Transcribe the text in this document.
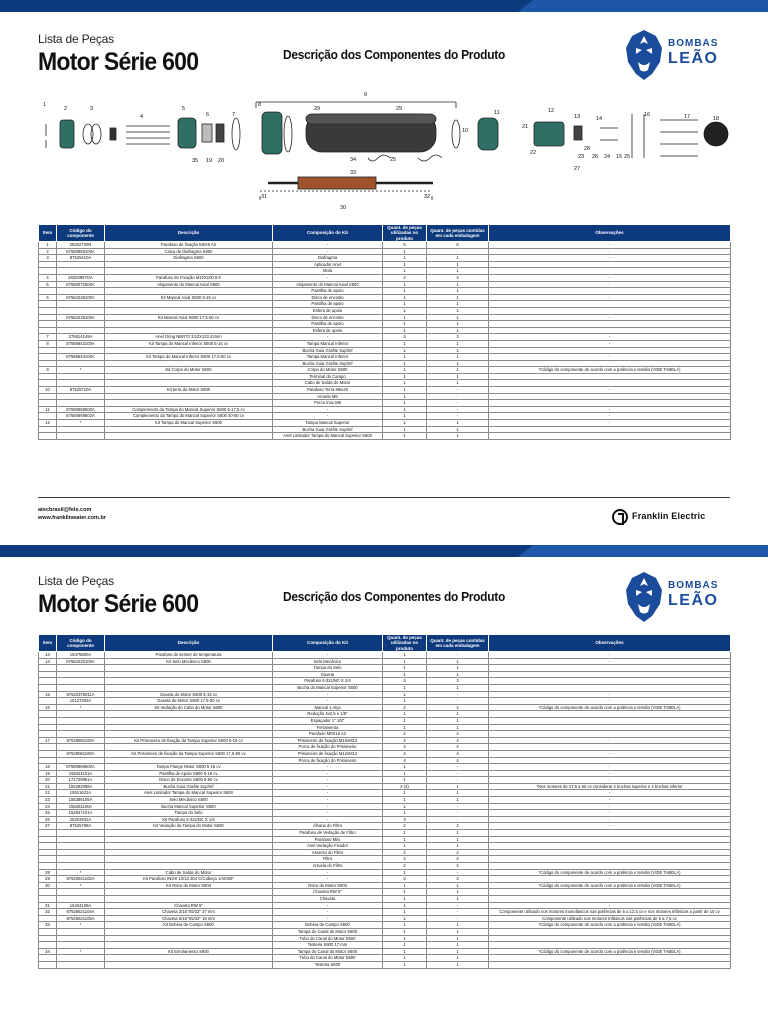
Lista de Peças
Motor Série 600	Descrição dos Componentes do Produto
BOMBAS
LEÃO
1
2	3
4
5
6	7
8
9
10
11	12
13	14
16	17	18
19 20
21
22
23	24 15 25
26
27
28
29	29
33
34
35
30
31	32
25
Item	Código do componente	Descrição	Composição do Kit	Quant. de peças utilizadas no produto	Quant. de peças contidas em cada embalagem	Observações
1	28202730N	Parafuso de fixação M5X6 A2	-	6	6	-
2	87580869100A	Caixa de Diafragma S600	-	1	-	-
3	87525410A	Diafragma S600	Diafragma	1	1	-
			Aplicador Anel	1	1	
			Mola	1	1	
4	28202957OA	Parafuso de Fixação M10X100 8.8	-	4	4	-
5	87560072500A	Alojamento do Mancal Axial S600	Alojamento do Mancal Axial S600	1	1	-
			Pastilha de apoio	1	1	
6	87564228100A	Kit Mancal Axial S600 5-15 cv	Disco de encosto	1	1	-
			Pastilha de apoio	1	1	
			Esfera de apoio	1	1	
	87564229100A	Kit Mancal Axial S600 17,5-50 cv	Disco de encosto	1	1	-
			Pastilha de apoio	1	1	
			Esfera de apoio	1	1	
7	275814149A	Anel Oring NBR70 3,53X123,42mm	-	3	3	-
8	87565842100A	Kit Tampa do Mancal Inferior S600 5-15 cv	Tampa Mancal Inferior	1	1	-
			Bucha Guia Grafite Sup/Inf	1	1	
	87565843100A	Kit Tampa do Mancal Inferior S600 17,5-50 cv	Tampa Mancal Inferior	1	1	-
			Bucha Guia Grafite Sup/Inf	1	1	
9	*	Kit Corpo do Motor S600	Corpo do Motor S600	1	1	*Código do componente de acordo com a potência e tensão (VIDE TABELA)
			Terminal do Campo	1	1	
			Cabo de Saída do Motor	1	1	
10	87525710A	Kit terra do Motor S600	Parafuso Terra M6x20	1	-	-
			Arruela M6	1	-	
			Porca Inox M6	1	-	
11	87580869500A	Complemento da Tampa do Mancal Superior S600 5-17,5 cv	-	1	-	-
	87580869502A	Complemento da Tampa do Mancal Superior S600 40-50 cv	-	1	-	-
12	*	Kit Tampa do Mancal Superior S600	Tampa Mancal Superior	1	1	-
			Bucha Guia Grafite Sup/Inf	1	1	
			Anel Limitador Tampa do Mancal Superior S600	1	1	
atecbrasil@fele.com
www.franklinwater.com.br	Franklin Electric
Lista de Peças
Motor Série 600	Descrição dos Componentes do Produto
BOMBAS
LEÃO
Item	Código do componente	Descrição	Composição do Kit	Quant. de peças utilizadas no produto	Quant. de peças contidas em cada embalagem	Observações
13	15475800A	Parafuso do sensor de temperatura	-	1	-	-
14	87564220100A	Kit Selo Mecânico S600	Selo Mecânico	1	1	-
			Tampa do Selo	1	1	
			Gaxeta	1	1	
			Parafuso 6-32UNC X 1/4	3	3	
			Bucha do Mancal Superior S600	1	1	
15	87520378011A	Gaxeta do Motor S600 5-15 cv	-	1	-	-
	15127402A	Gaxeta do Motor S600 17,5-50 cv	-	1	-	-
16	*	Kit Vedação do Cabo do Motor S600	Mancal 1 Alça	2	2	*Código do componente de acordo com a potência e tensão (VIDE TABELA)
			Redução 4x2,5 e 1/8"	1	1	
			Espaçador 1" 1/8"	1	1	
			Ferramenta	1	1	
			Parafuso M8X16 A2	2	2	
17	87528681100A	Kit Prisioneiro de fixação da Tampa Superior S600 5-15 cv	Prisioneiro de fixação M10xM12	4	4	-
			Porca de fixação do Prisioneiro	4	4	
	87529061100A	Kit Prisioneiro de fixação da Tampa Superior S600 17,5-50 cv	Prisioneiro de fixação M12xM12	4	4	-
			Porca de fixação do Prisioneiro	4	4	
18	87580869600A	Tampa Flange Motor S600 5-15 cv	-	1	-	-
19	158421101A	Pastilha de Apoio S600 5-15 cv	-	1	-	-
20	171729951A	Disco de Encosto S600 5-50 cv	-	1	-	-
21	155282088A	Bucha Guia Grafite Sup/Inf	-	2 (4)	1	*Nos motores de 17,5 a 50 cv considerar 2 buchas superior e 2 buchas inferior
22	15521622A	Anel Limitador Tampa do Mancal Superior S600	-	1	1	-
23	155386105A	Selo Mecânico S600	-	1	1	-
24	155261100A	Bucha Mancal Superior S600	-	1	-	-
25	152847101A	Tampa do Selo	-	1	-	-
26	28202932A	Kit Parafuso 6-32UNC X 1/4	-	3	-	-
27	87525798A	Kit Vedação da Tampa do Motor S600	Alhana do Filtro	2	2	-
			Parafuso de Vedação de Filtro	1	1	
			Parafuso Mini	1	1	
			Anel Vedação Fixador	1	1	
			Assento do Filtro	2	2	
			Filtro	2	2	
			Arruela do Filtro	2	2	
28	*	Cabo de Saída do Motor	-	1	-	*Código do componente de acordo com a potência e tensão (VIDE TABELA)
29	87520641102A	Kit Parafuso INOX 10/10 304 C/Cabeça 1/4X3/8"	-	3	3	-
30	*	Kit Rotor do Motor S600	Rotor do Motor S600	1	1	*Código do componente de acordo com a potência e tensão (VIDE TABELA)
			Chaveta RW 6"	1	1	
			Chaveta	1	1	
31	15434108A	Chaveta RW 6"	-	1	-	-
32	87526621104A	Chaveta 3/16"X5/32" 27 mm	-	1	-	Componente utilizado nos motores monofásicos nas potências de 5 a 12,5 cv e nos motores trifásicos a partir de 10 cv
	87526621105A	Chaveta 5/16"X5/32" 19 mm	-	1	-	Componente utilizado nos motores trifásicos nas potências de 5 a 7,5 cv
33	*	Kit Bobina de Campo S600	Bobina de Campo S600	1	1	*Código do componente de acordo com a potência e tensão (VIDE TABELA)
			Tampa do Canal do Motor S600	1	1	
			Tubo do Canal do Motor S600	1	1	
			Testeira S600 17 mm	1	1	
34	*	Kit Enrolamento S600	Tampa do Canal do Motor S600	1	1	*Código do componente de acordo com a potência e tensão (VIDE TABELA)
			Tubo do Canal do Motor S600	1	1	
			Testeira S600	1	1	
